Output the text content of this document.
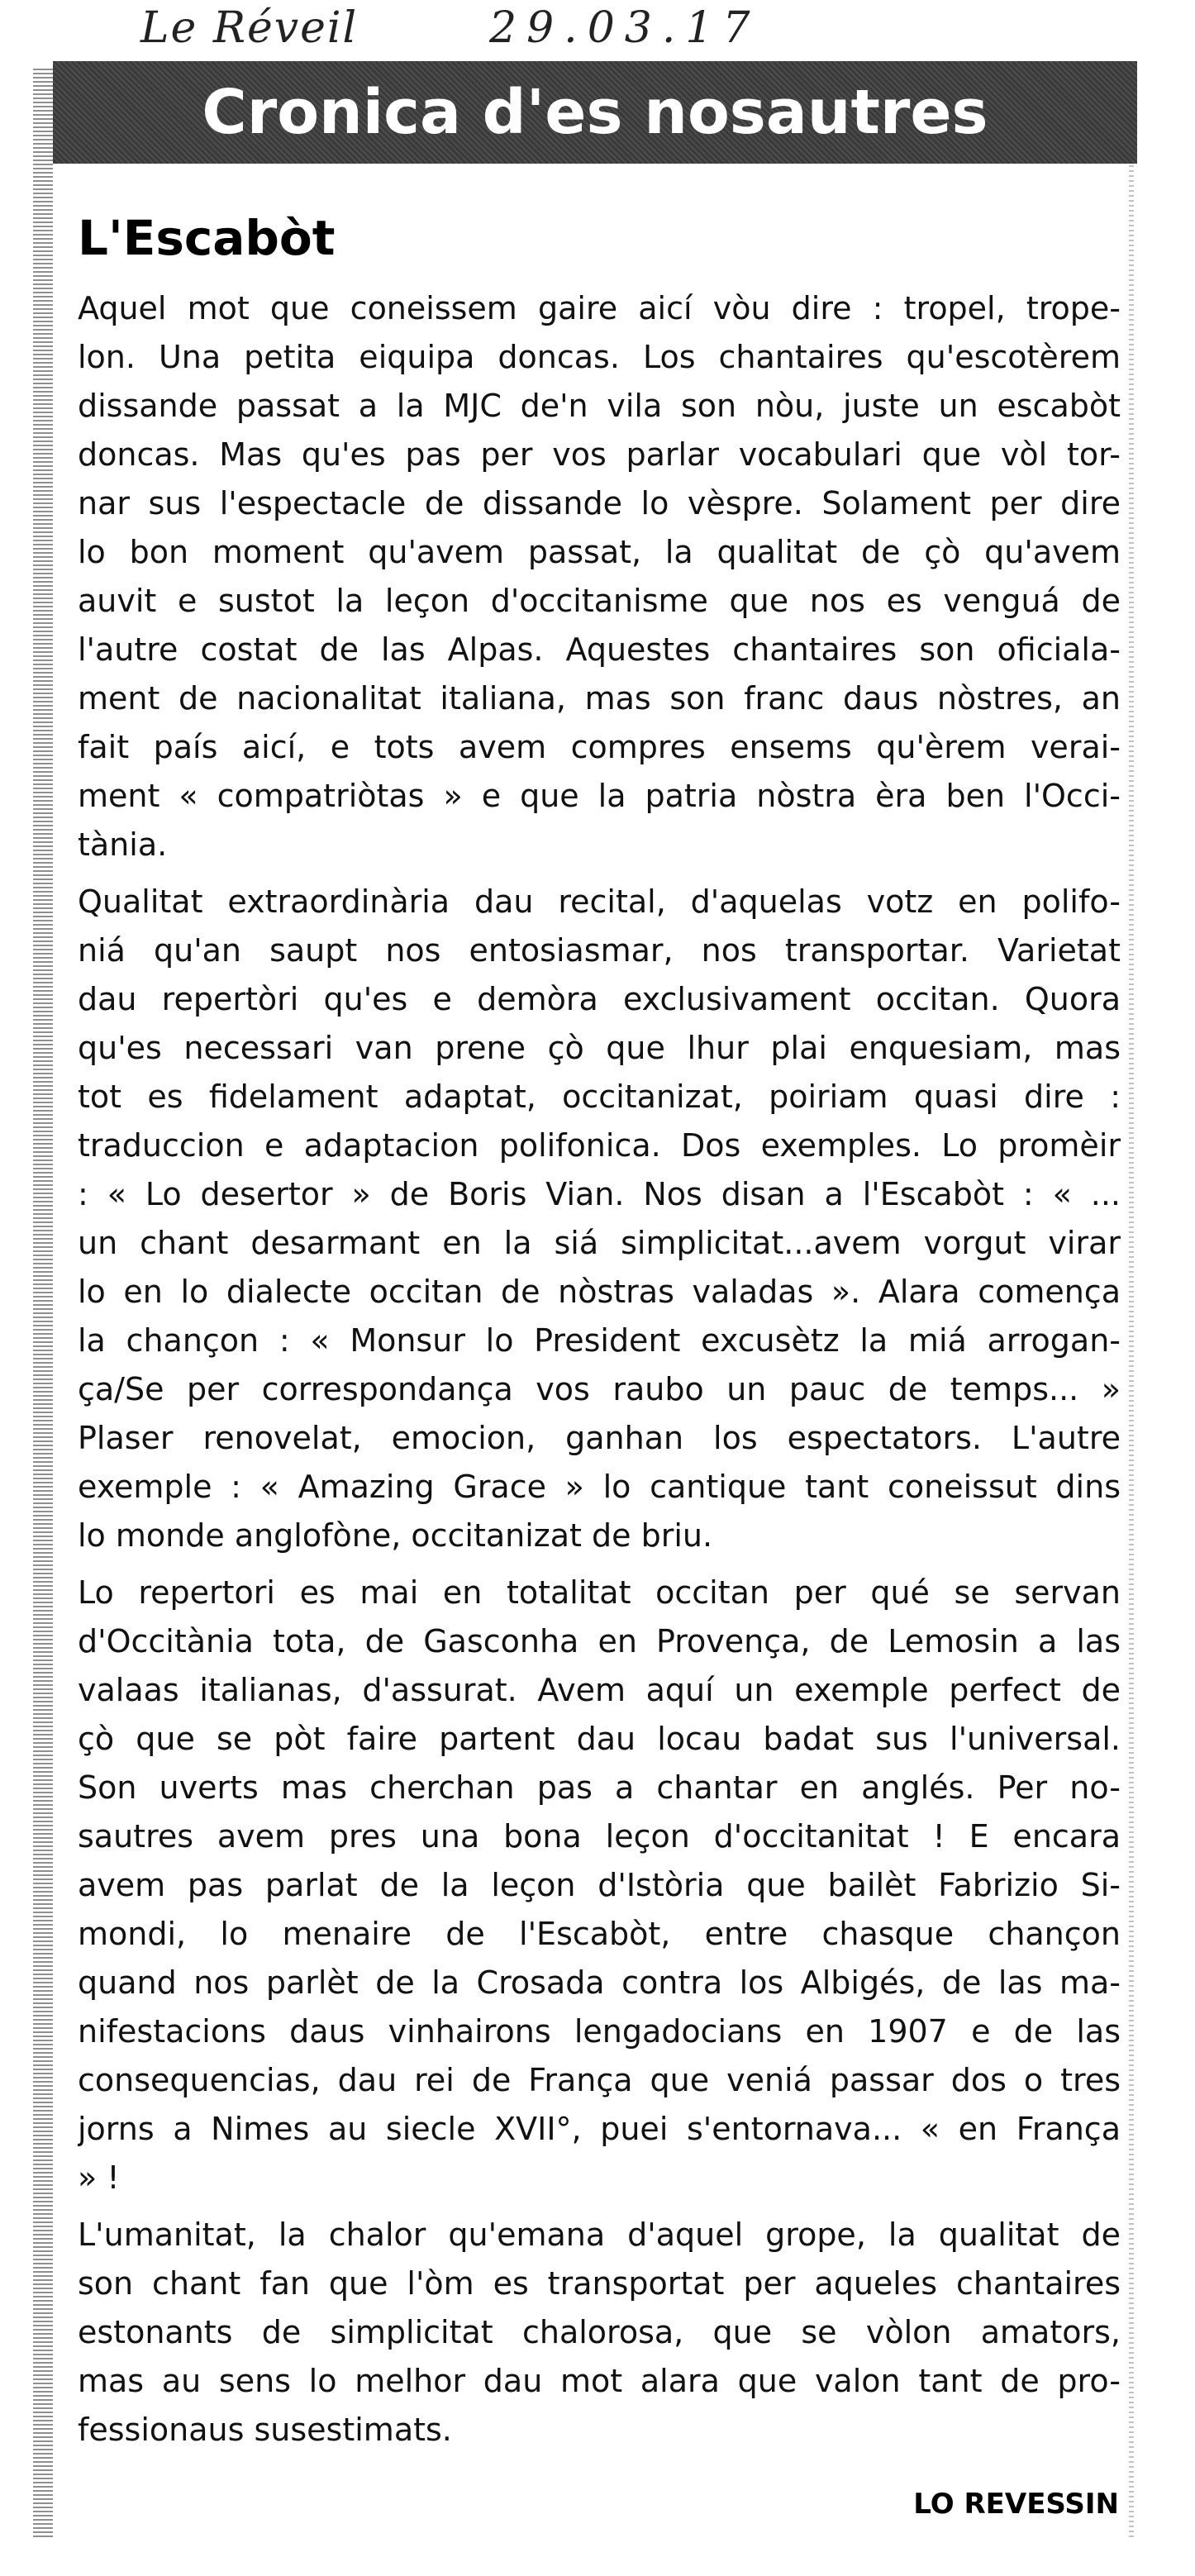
Le Réveil	29.03.17
Cronica d'es nosautres
L'Escabòt
Aquel mot que coneissem gaire aicí vòu dire : tropel, trope-
lon. Una petita eiquipa doncas. Los chantaires qu'escotèrem
dissande passat a la MJC de'n vila son nòu, juste un escabòt
doncas. Mas qu'es pas per vos parlar vocabulari que vòl tor-
nar sus l'espectacle de dissande lo vèspre. Solament per dire
lo bon moment qu'avem passat, la qualitat de çò qu'avem
auvit e sustot la leçon d'occitanisme que nos es venguá de
l'autre costat de las Alpas. Aquestes chantaires son oficiala-
ment de nacionalitat italiana, mas son franc daus nòstres, an
fait país aicí, e tots avem compres ensems qu'èrem verai-
ment « compatriòtas » e que la patria nòstra èra ben l'Occi-
tània.
Qualitat extraordinària dau recital, d'aquelas votz en polifo-
niá qu'an saupt nos entosiasmar, nos transportar. Varietat
dau repertòri qu'es e demòra exclusivament occitan. Quora
qu'es necessari van prene çò que lhur plai enquesiam, mas
tot es fidelament adaptat, occitanizat, poiriam quasi dire :
traduccion e adaptacion polifonica. Dos exemples. Lo promèir
: « Lo desertor » de Boris Vian. Nos disan a l'Escabòt : « ...
un chant desarmant en la siá simplicitat...avem vorgut virar
lo en lo dialecte occitan de nòstras valadas ». Alara comença
la chançon : « Monsur lo President excusètz la miá arrogan-
ça/Se per correspondança vos raubo un pauc de temps... »
Plaser renovelat, emocion, ganhan los espectators. L'autre
exemple : « Amazing Grace » lo cantique tant coneissut dins
lo monde anglofòne, occitanizat de briu.
Lo repertori es mai en totalitat occitan per qué se servan
d'Occitània tota, de Gasconha en Provença, de Lemosin a las
valaas italianas, d'assurat. Avem aquí un exemple perfect de
çò que se pòt faire partent dau locau badat sus l'universal.
Son uverts mas cherchan pas a chantar en anglés. Per no-
sautres avem pres una bona leçon d'occitanitat ! E encara
avem pas parlat de la leçon d'Istòria que bailèt Fabrizio Si-
mondi, lo menaire de l'Escabòt, entre chasque chançon
quand nos parlèt de la Crosada contra los Albigés, de las ma-
nifestacions daus vinhairons lengadocians en 1907 e de las
consequencias, dau rei de França que veniá passar dos o tres
jorns a Nimes au siecle XVII°, puei s'entornava... « en França
» !
L'umanitat, la chalor qu'emana d'aquel grope, la qualitat de
son chant fan que l'òm es transportat per aqueles chantaires
estonants de simplicitat chalorosa, que se vòlon amators,
mas au sens lo melhor dau mot alara que valon tant de pro-
fessionaus susestimats.
LO REVESSIN
